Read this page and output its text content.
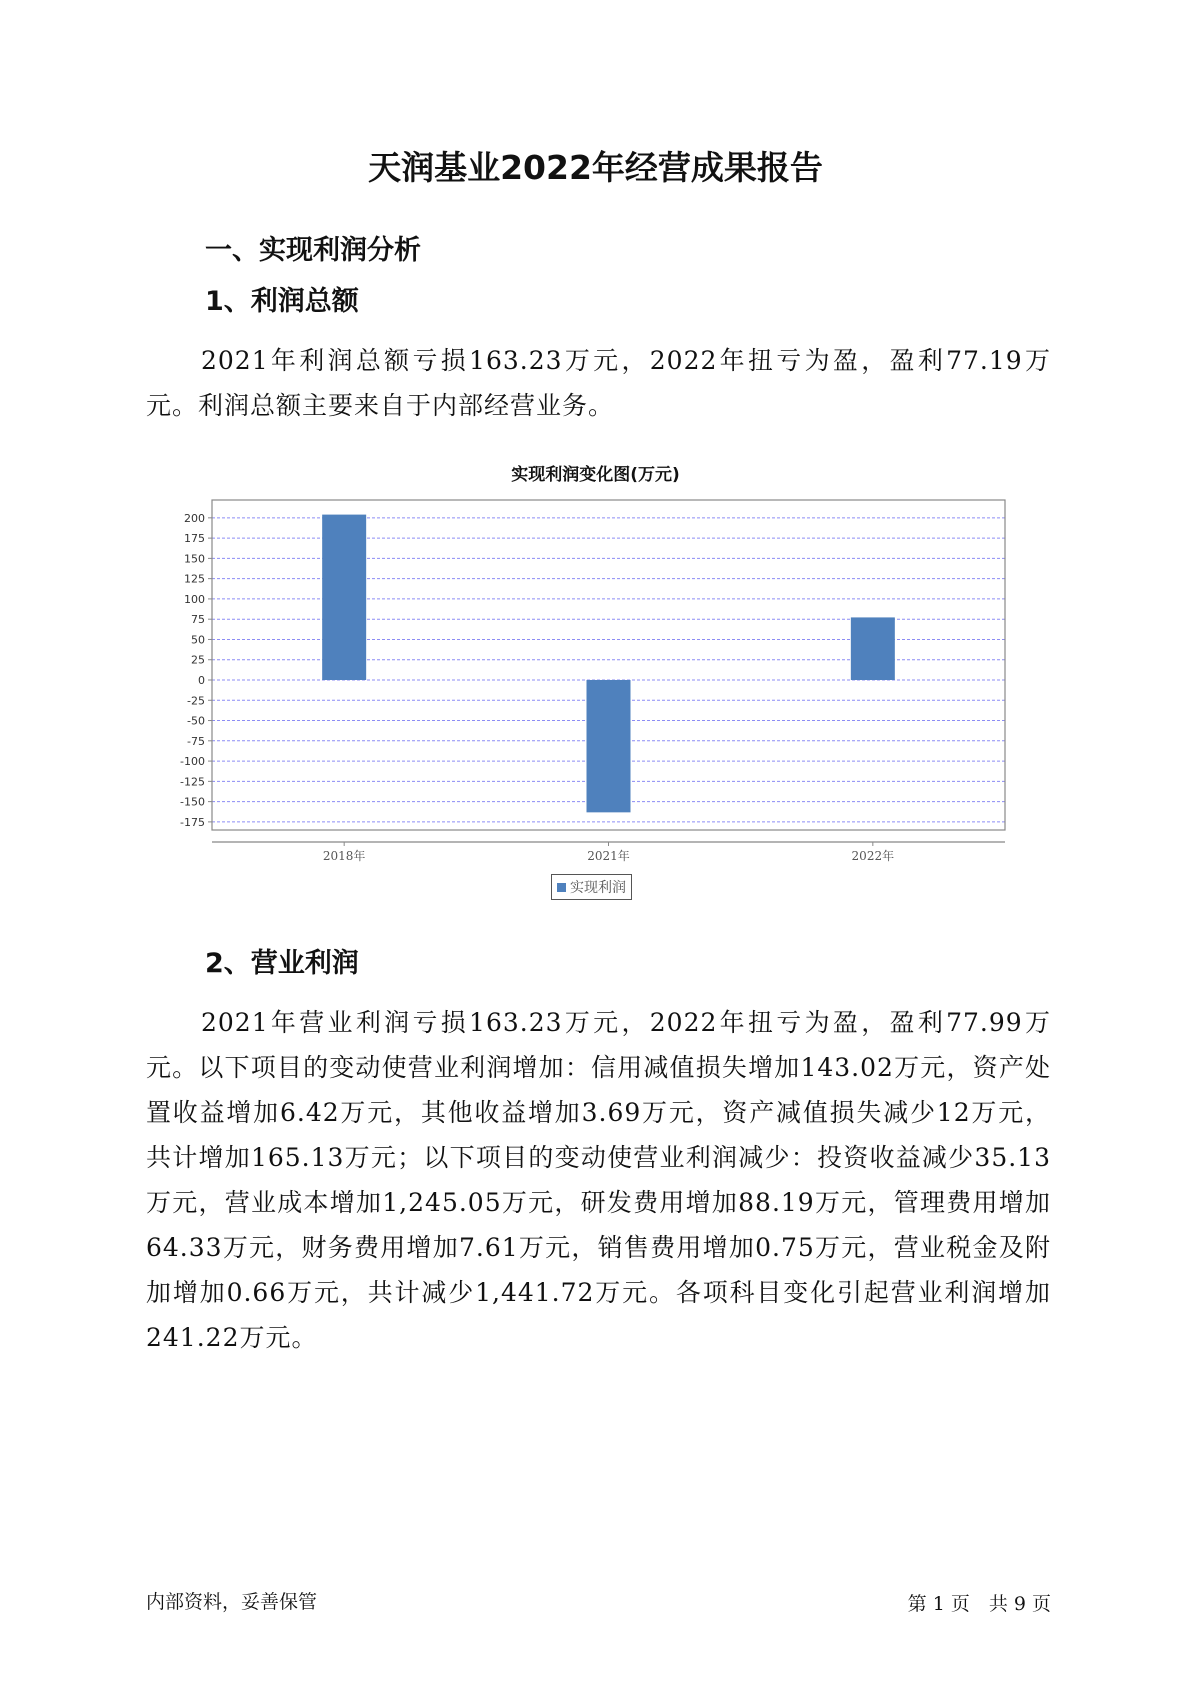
天润基业2022年经营成果报告
一、实现利润分析
1、利润总额
2021年利润总额亏损163.23万元，2022年扭亏为盈，盈利77.19万元。利润总额主要来自于内部经营业务。
实现利润变化图(万元)
200
175
150
125
100
75
50
25
0
-25
-50
-75
-100
-125
-150
-175
2018年	2021年	2022年
实现利润
2、营业利润
2021年营业利润亏损163.23万元，2022年扭亏为盈，盈利77.99万元。以下项目的变动使营业利润增加：信用减值损失增加143.02万元，资产处置收益增加6.42万元，其他收益增加3.69万元，资产减值损失减少12万元，共计增加165.13万元；以下项目的变动使营业利润减少：投资收益减少35.13万元，营业成本增加1,245.05万元，研发费用增加88.19万元，管理费用增加64.33万元，财务费用增加7.61万元，销售费用增加0.75万元，营业税金及附加增加0.66万元，共计减少1,441.72万元。各项科目变化引起营业利润增加241.22万元。
内部资料，妥善保管	第 1 页　共 9 页
